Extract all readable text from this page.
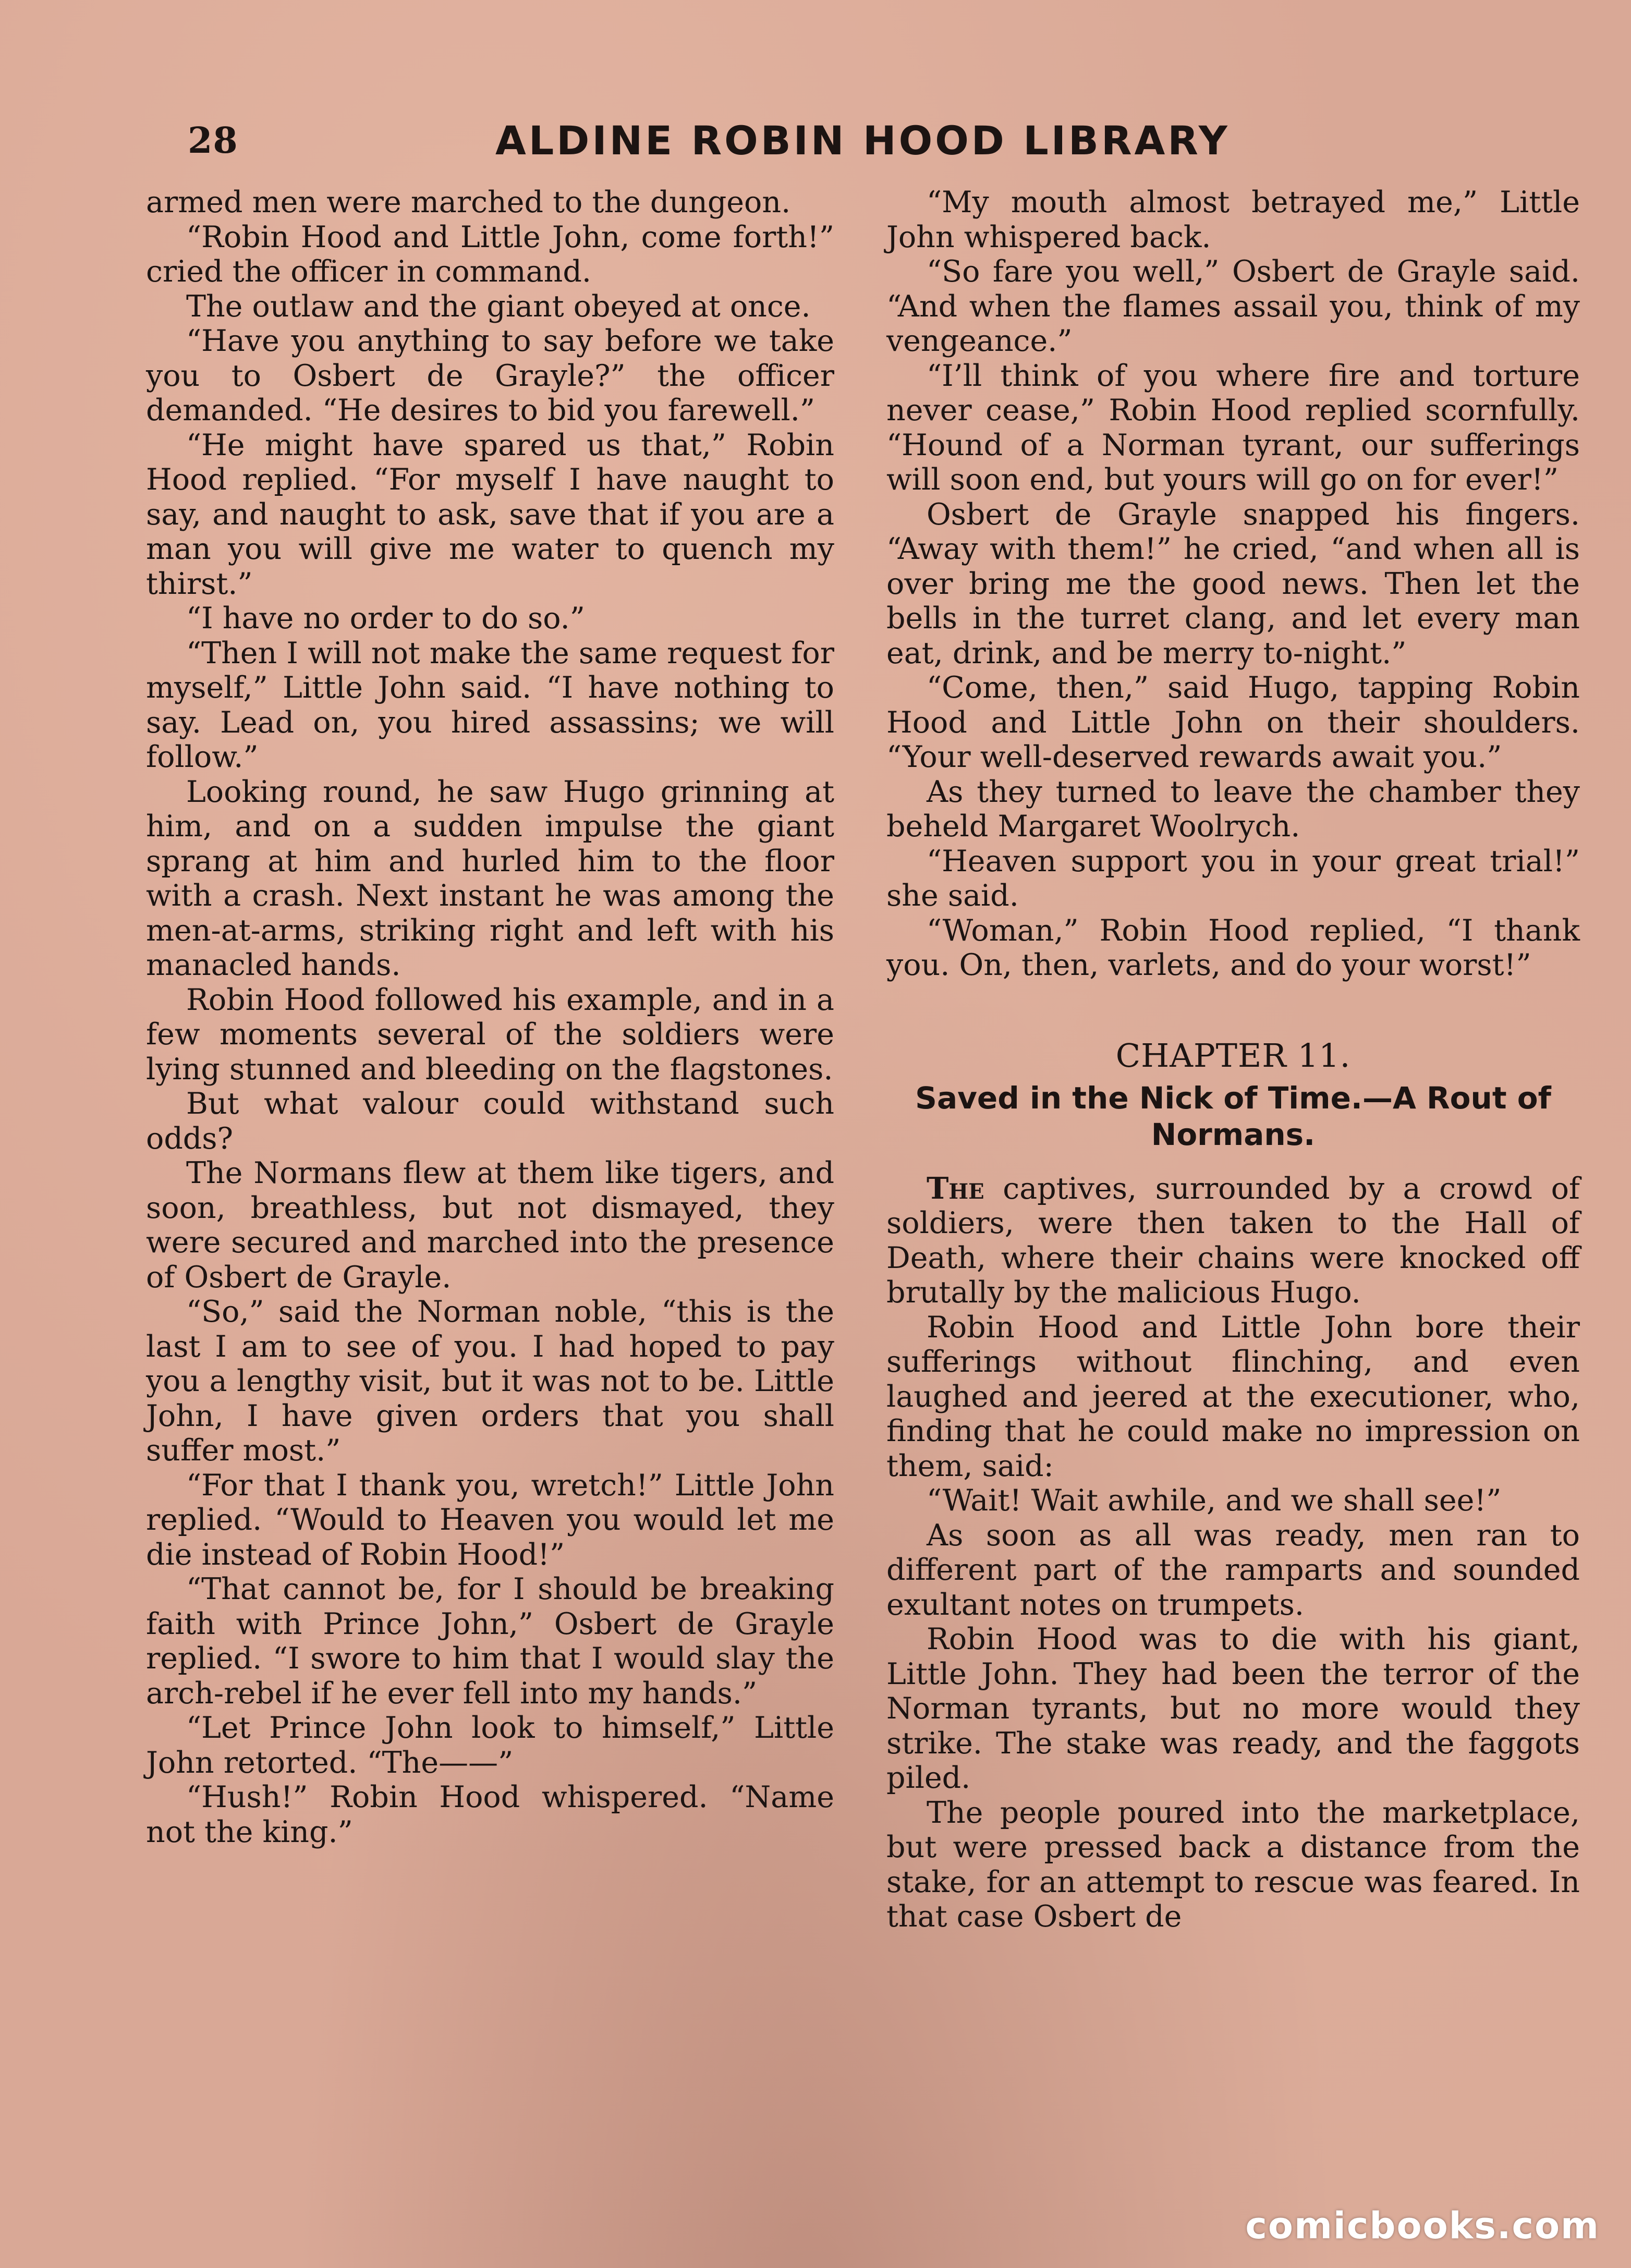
28	ALDINE ROBIN HOOD LIBRARY

armed men were marched to the dungeon.

“Robin Hood and Little John, come forth!” cried the officer in command.

The outlaw and the giant obeyed at once.

“Have you anything to say before we take you to Osbert de Grayle?” the officer demanded. “He desires to bid you farewell.”

“He might have spared us that,” Robin Hood replied. “For myself I have naught to say, and naught to ask, save that if you are a man you will give me water to quench my thirst.”

“I have no order to do so.”

“Then I will not make the same request for myself,” Little John said. “I have nothing to say. Lead on, you hired assassins; we will follow.”

Looking round, he saw Hugo grinning at him, and on a sudden impulse the giant sprang at him and hurled him to the floor with a crash. Next instant he was among the men-at-arms, striking right and left with his manacled hands.

Robin Hood followed his example, and in a few moments several of the soldiers were lying stunned and bleeding on the flagstones.

But what valour could withstand such odds?

The Normans flew at them like tigers, and soon, breathless, but not dismayed, they were secured and marched into the presence of Osbert de Grayle.

“So,” said the Norman noble, “this is the last I am to see of you. I had hoped to pay you a lengthy visit, but it was not to be. Little John, I have given orders that you shall suffer most.”

“For that I thank you, wretch!” Little John replied. “Would to Heaven you would let me die instead of Robin Hood!”

“That cannot be, for I should be breaking faith with Prince John,” Osbert de Grayle replied. “I swore to him that I would slay the arch-rebel if he ever fell into my hands.”

“Let Prince John look to himself,” Little John retorted. “The——”

“Hush!” Robin Hood whispered. “Name not the king.”

“My mouth almost betrayed me,” Little John whispered back.

“So fare you well,” Osbert de Grayle said. “And when the flames assail you, think of my vengeance.”

“I’ll think of you where fire and torture never cease,” Robin Hood replied scornfully. “Hound of a Norman tyrant, our sufferings will soon end, but yours will go on for ever!”

Osbert de Grayle snapped his fingers. “Away with them!” he cried, “and when all is over bring me the good news. Then let the bells in the turret clang, and let every man eat, drink, and be merry to-night.”

“Come, then,” said Hugo, tapping Robin Hood and Little John on their shoulders. “Your well-deserved rewards await you.”

As they turned to leave the chamber they beheld Margaret Woolrych.

“Heaven support you in your great trial!” she said.

“Woman,” Robin Hood replied, “I thank you. On, then, varlets, and do your worst!”

CHAPTER 11.
Saved in the Nick of Time.—A Rout of Normans.

The captives, surrounded by a crowd of soldiers, were then taken to the Hall of Death, where their chains were knocked off brutally by the malicious Hugo.

Robin Hood and Little John bore their sufferings without flinching, and even laughed and jeered at the executioner, who, finding that he could make no impression on them, said:

“Wait! Wait awhile, and we shall see!”

As soon as all was ready, men ran to different part of the ramparts and sounded exultant notes on trumpets.

Robin Hood was to die with his giant, Little John. They had been the terror of the Norman tyrants, but no more would they strike. The stake was ready, and the faggots piled.

The people poured into the marketplace, but were pressed back a distance from the stake, for an attempt to rescue was feared. In that case Osbert de

comicbooks.com
